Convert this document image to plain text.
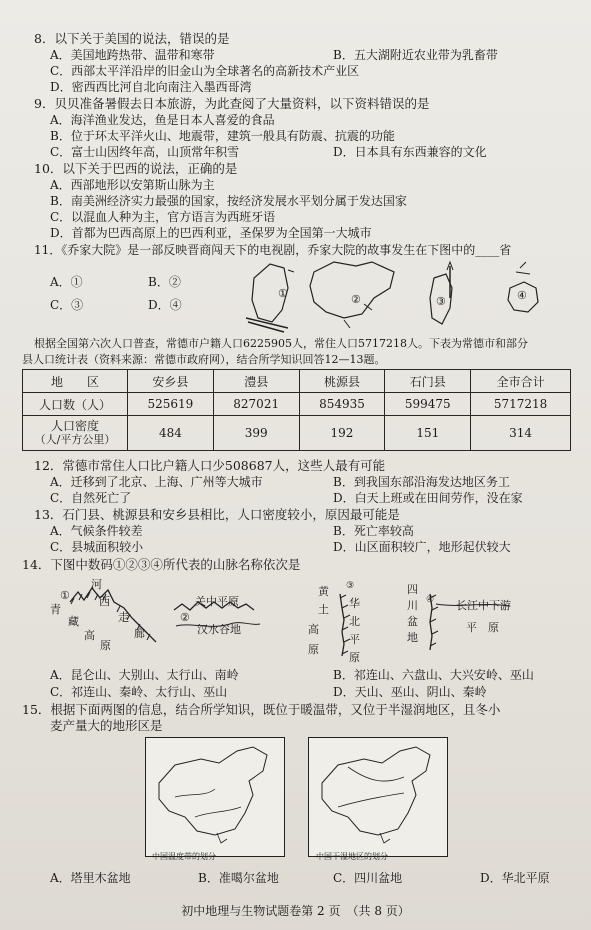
8．以下关于美国的说法，错误的是
A．美国地跨热带、温带和寒带	B．五大湖附近农业带为乳畜带
C．西部太平洋沿岸的旧金山为全球著名的高新技术产业区
D．密西西比河自北向南注入墨西哥湾
9．贝贝准备暑假去日本旅游，为此查阅了大量资料，以下资料错误的是
A．海洋渔业发达，鱼是日本人喜爱的食品
B．位于环太平洋火山、地震带，建筑一般具有防震、抗震的功能
C．富士山因终年高，山顶常年积雪	D．日本具有东西兼容的文化
10．以下关于巴西的说法，正确的是
A．西部地形以安第斯山脉为主
B．南美洲经济实力最强的国家，按经济发展水平划分属于发达国家
C．以混血人种为主，官方语言为西班牙语
D．首都为巴西高原上的巴西利亚，圣保罗为全国第一大城市
11．《乔家大院》是一部反映晋商闯天下的电视剧，乔家大院的故事发生在下图中的____省
A．①	B．②
C．③	D．④
①	②	③	④
根据全国第六次人口普查，常德市户籍人口6225905人，常住人口5717218人。下表为常德市和部分
县人口统计表（资料来源：常德市政府网），结合所学知识回答12—13题。
地　　区	安乡县	澧县	桃源县	石门县	全市合计
人口数（人）	525619	827021	854935	599475	5717218

人口密度
（人/平方公里）	484	399	192	151	314
12．常德市常住人口比户籍人口少508687人，这些人最有可能
A．迁移到了北京、上海、广州等大城市	B．到我国东部沿海发达地区务工
C．自然死亡了	D．白天上班或在田间劳作，没在家
13．石门县、桃源县和安乡县相比，人口密度较小，原因最可能是
A．气候条件较差	B．死亡率较高
C．县城面积较小	D．山区面积较广，地形起伏较大
14．下图中数码①②③④所代表的山脉名称依次是
河
西
青
走
藏
廊
高
原
①	关中平原
汉水谷地
②
黄
华
土
北
高
平
原
原
③	四
川
盆
地
长江中下游
平　原
④
A．昆仑山、大别山、太行山、南岭	B．祁连山、六盘山、大兴安岭、巫山
C．祁连山、秦岭、太行山、巫山	D．天山、巫山、阴山、秦岭
15．根据下面两图的信息，结合所学知识，既位于暖温带，又位于半湿润地区，且冬小
麦产量大的地形区是
中国温度带的划分	中国干湿地区的划分
A．塔里木盆地	B．准噶尔盆地	C．四川盆地	D．华北平原
初中地理与生物试题卷第 2 页　（共 8 页）
